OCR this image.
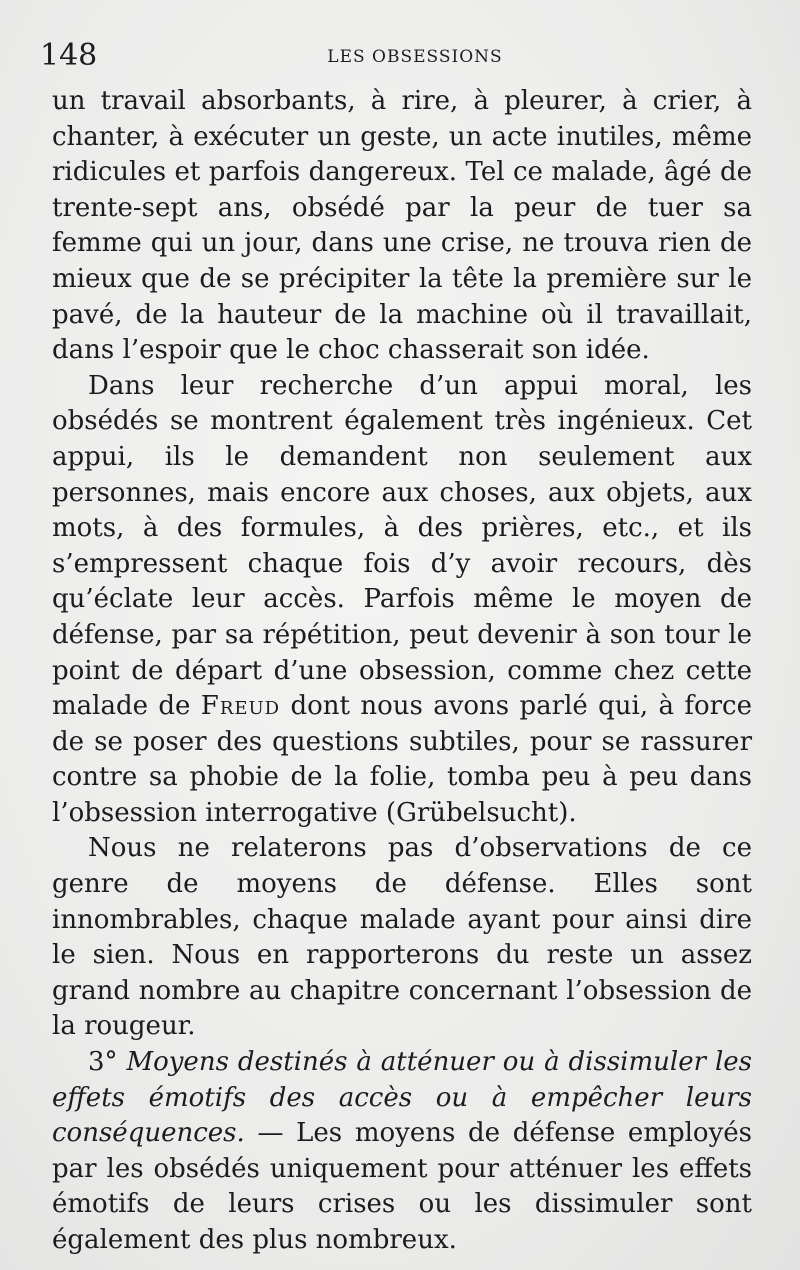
148	LES OBSESSIONS

un travail absorbants, à rire, à pleurer, à crier, à chanter, à exécuter un geste, un acte inutiles, même ridicules et parfois dangereux. Tel ce malade, âgé de trente-sept ans, obsédé par la peur de tuer sa femme qui un jour, dans une crise, ne trouva rien de mieux que de se précipiter la tête la première sur le pavé, de la hauteur de la machine où il travaillait, dans l’espoir que le choc chasserait son idée.

Dans leur recherche d’un appui moral, les obsédés se montrent également très ingénieux. Cet appui, ils le demandent non seulement aux personnes, mais encore aux choses, aux objets, aux mots, à des formules, à des prières, etc., et ils s’empressent chaque fois d’y avoir recours, dès qu’éclate leur accès. Parfois même le moyen de défense, par sa répétition, peut devenir à son tour le point de départ d’une obsession, comme chez cette malade de Freud dont nous avons parlé qui, à force de se poser des questions subtiles, pour se rassurer contre sa phobie de la folie, tomba peu à peu dans l’obsession interrogative (Grübelsucht).

Nous ne relaterons pas d’observations de ce genre de moyens de défense. Elles sont innombrables, chaque malade ayant pour ainsi dire le sien. Nous en rapporterons du reste un assez grand nombre au chapitre concernant l’obsession de la rougeur.

3° Moyens destinés à atténuer ou à dissimuler les effets émotifs des accès ou à empêcher leurs conséquences. — Les moyens de défense employés par les obsédés uniquement pour atténuer les effets émotifs de leurs crises ou les dissimuler sont également des plus nombreux.
